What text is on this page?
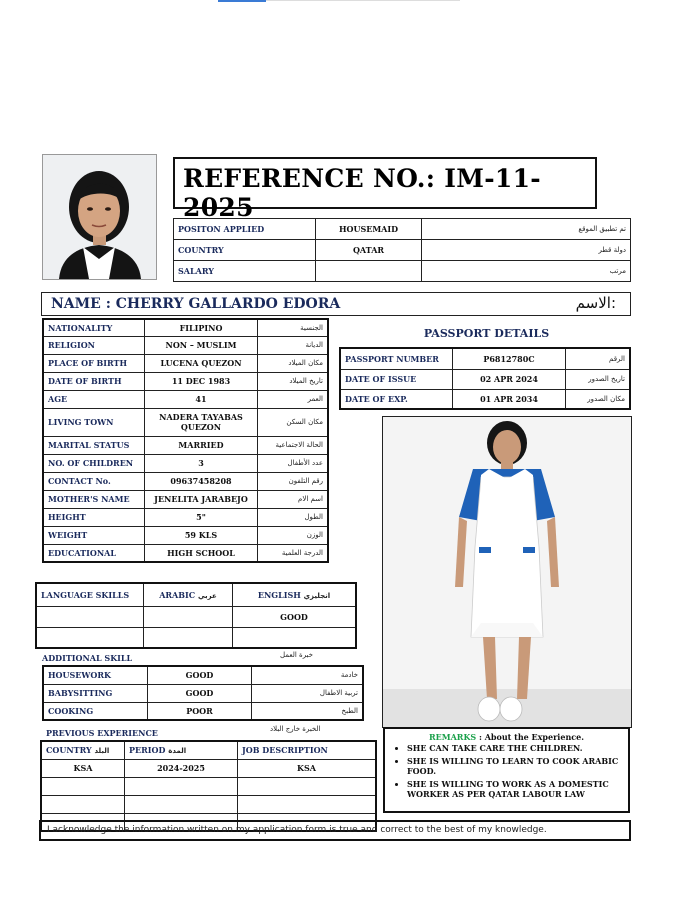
REFERENCE NO.: IM-11-2025
POSITON APPLIED	HOUSEMAID	تم تطبيق الموقع
COUNTRY	QATAR	دولة قطر
SALARY		مرتب
NAME : CHERRY GALLARDO EDORA	الاسم:
NATIONALITY	FILIPINO	الجنسية
RELIGION	NON – MUSLIM	الديانة
PLACE OF BIRTH	LUCENA QUEZON	مكان الميلاد
DATE OF BIRTH	11 DEC 1983	تاريخ الميلاد
AGE	41	العمر
LIVING TOWN	NADERA TAYABAS QUEZON	مكان السكن
MARITAL STATUS	MARRIED	الحالة الاجتماعية
NO. OF CHILDREN	3	عدد الأطفال
CONTACT No.	09637458208	رقم التلفون
MOTHER'S NAME	JENELITA JARABEJO	اسم الام
HEIGHT	5"	الطول
WEIGHT	59 KLS	الوزن
EDUCATIONAL	HIGH SCHOOL	الدرجة العلمية
PASSPORT DETAILS
PASSPORT NUMBER	P6812780C	الرقم
DATE OF ISSUE	02 APR 2024	تاريخ الصدور
DATE OF EXP.	01 APR 2034	مكان الصدور
LANGUAGE SKILLS	ARABIC عربي	ENGLISH انجليزي
		GOOD

ADDITIONAL SKILL	خبرة العمل
HOUSEWORK	GOOD	خادمة
BABYSITTING	GOOD	تربية الاطفال
COOKING	POOR	الطبخ
PREVIOUS EXPERIENCE	الخبرة خارج البلاد
COUNTRY البلد	PERIOD المدة	JOB DESCRIPTION
KSA	2024-2025	KSA

REMARKS : About the Experience.
• SHE CAN TAKE CARE THE CHILDREN.
• SHE IS WILLING TO LEARN TO COOK ARABIC FOOD.
• SHE IS WILLING TO WORK AS A DOMESTIC WORKER AS PER QATAR LABOUR LAW
I acknowledge the information written on my application form is true and correct to the best of my knowledge.
